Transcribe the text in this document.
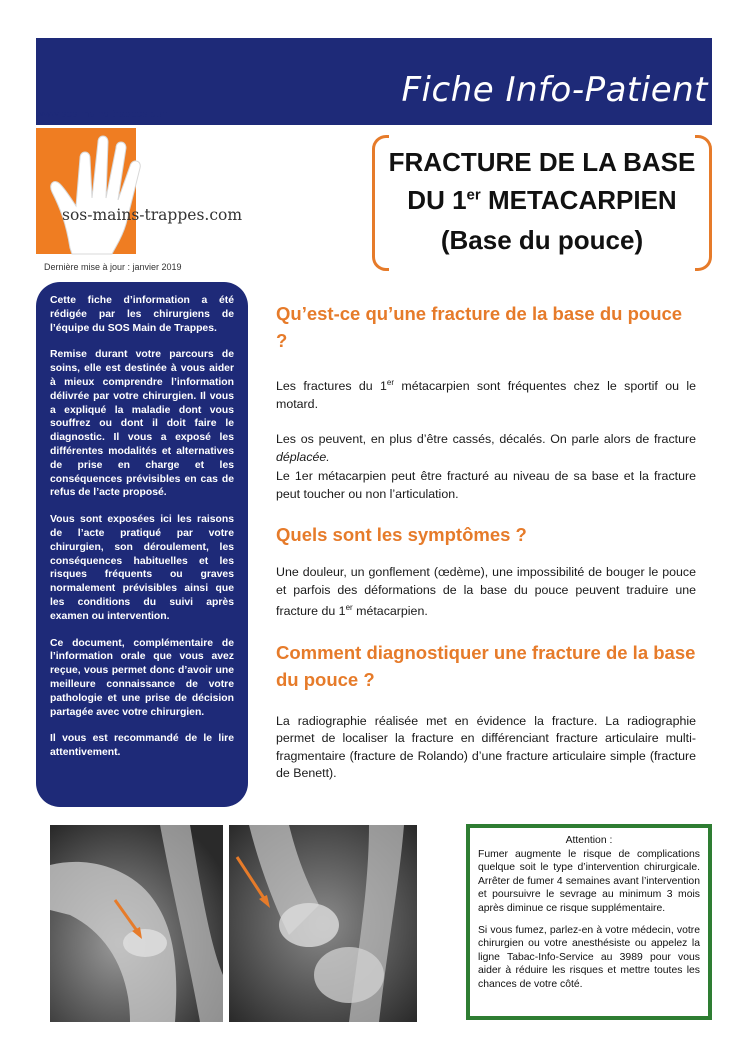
Fiche Info-Patient
www.sos-mains-trappes.com
sos-mains-trappes.com
Dernière mise à jour : janvier 2019
FRACTURE DE LA BASE
DU 1er METACARPIEN
(Base du pouce)

Cette fiche d’information a été rédigée par les chirurgiens de l’équipe du SOS Main de Trappes.

Remise durant votre parcours de soins, elle est destinée à vous aider à mieux comprendre l’information délivrée par votre chirurgien. Il vous a expliqué la maladie dont vous souffrez ou dont il doit faire le diagnostic. Il vous a exposé les différentes modalités et alternatives de prise en charge et les conséquences prévisibles en cas de refus de l’acte proposé.

Vous sont exposées ici les raisons de l’acte pratiqué par votre chirurgien, son déroulement, les conséquences habituelles et les risques fréquents ou graves normalement prévisibles ainsi que les conditions du suivi après examen ou intervention.

Ce document, complémentaire de l’information orale que vous avez reçue, vous permet donc d’avoir une meilleure connaissance de votre pathologie et une prise de décision partagée avec votre chirurgien.

Il vous est recommandé de le lire attentivement.

Qu’est-ce qu’une fracture de la base du pouce ?

Les fractures du 1er métacarpien sont fréquentes chez le sportif ou le motard.

Les os peuvent, en plus d’être cassés, décalés. On parle alors de fracture déplacée.

Le 1er métacarpien peut être fracturé au niveau de sa base et la fracture peut toucher ou non l’articulation.

Quels sont les symptômes ?

Une douleur, un gonflement (œdème), une impossibilité de bouger le pouce et parfois des déformations de la base du pouce peuvent traduire une fracture du 1er métacarpien.

Comment diagnostiquer une fracture de la base du pouce ?

La radiographie réalisée met en évidence la fracture. La radiographie permet de localiser la fracture en différenciant fracture articulaire multi-fragmentaire (fracture de Rolando) d’une fracture articulaire simple (fracture de Benett).

Attention :

Fumer augmente le risque de complications quelque soit le type d’intervention chirurgicale. Arrêter de fumer 4 semaines avant l’intervention et poursuivre le sevrage au minimum 3 mois après diminue ce risque supplémentaire.

Si vous fumez, parlez-en à votre médecin, votre chirurgien ou votre anesthésiste ou appelez la ligne Tabac-Info-Service au 3989 pour vous aider à réduire les risques et mettre toutes les chances de votre côté.
